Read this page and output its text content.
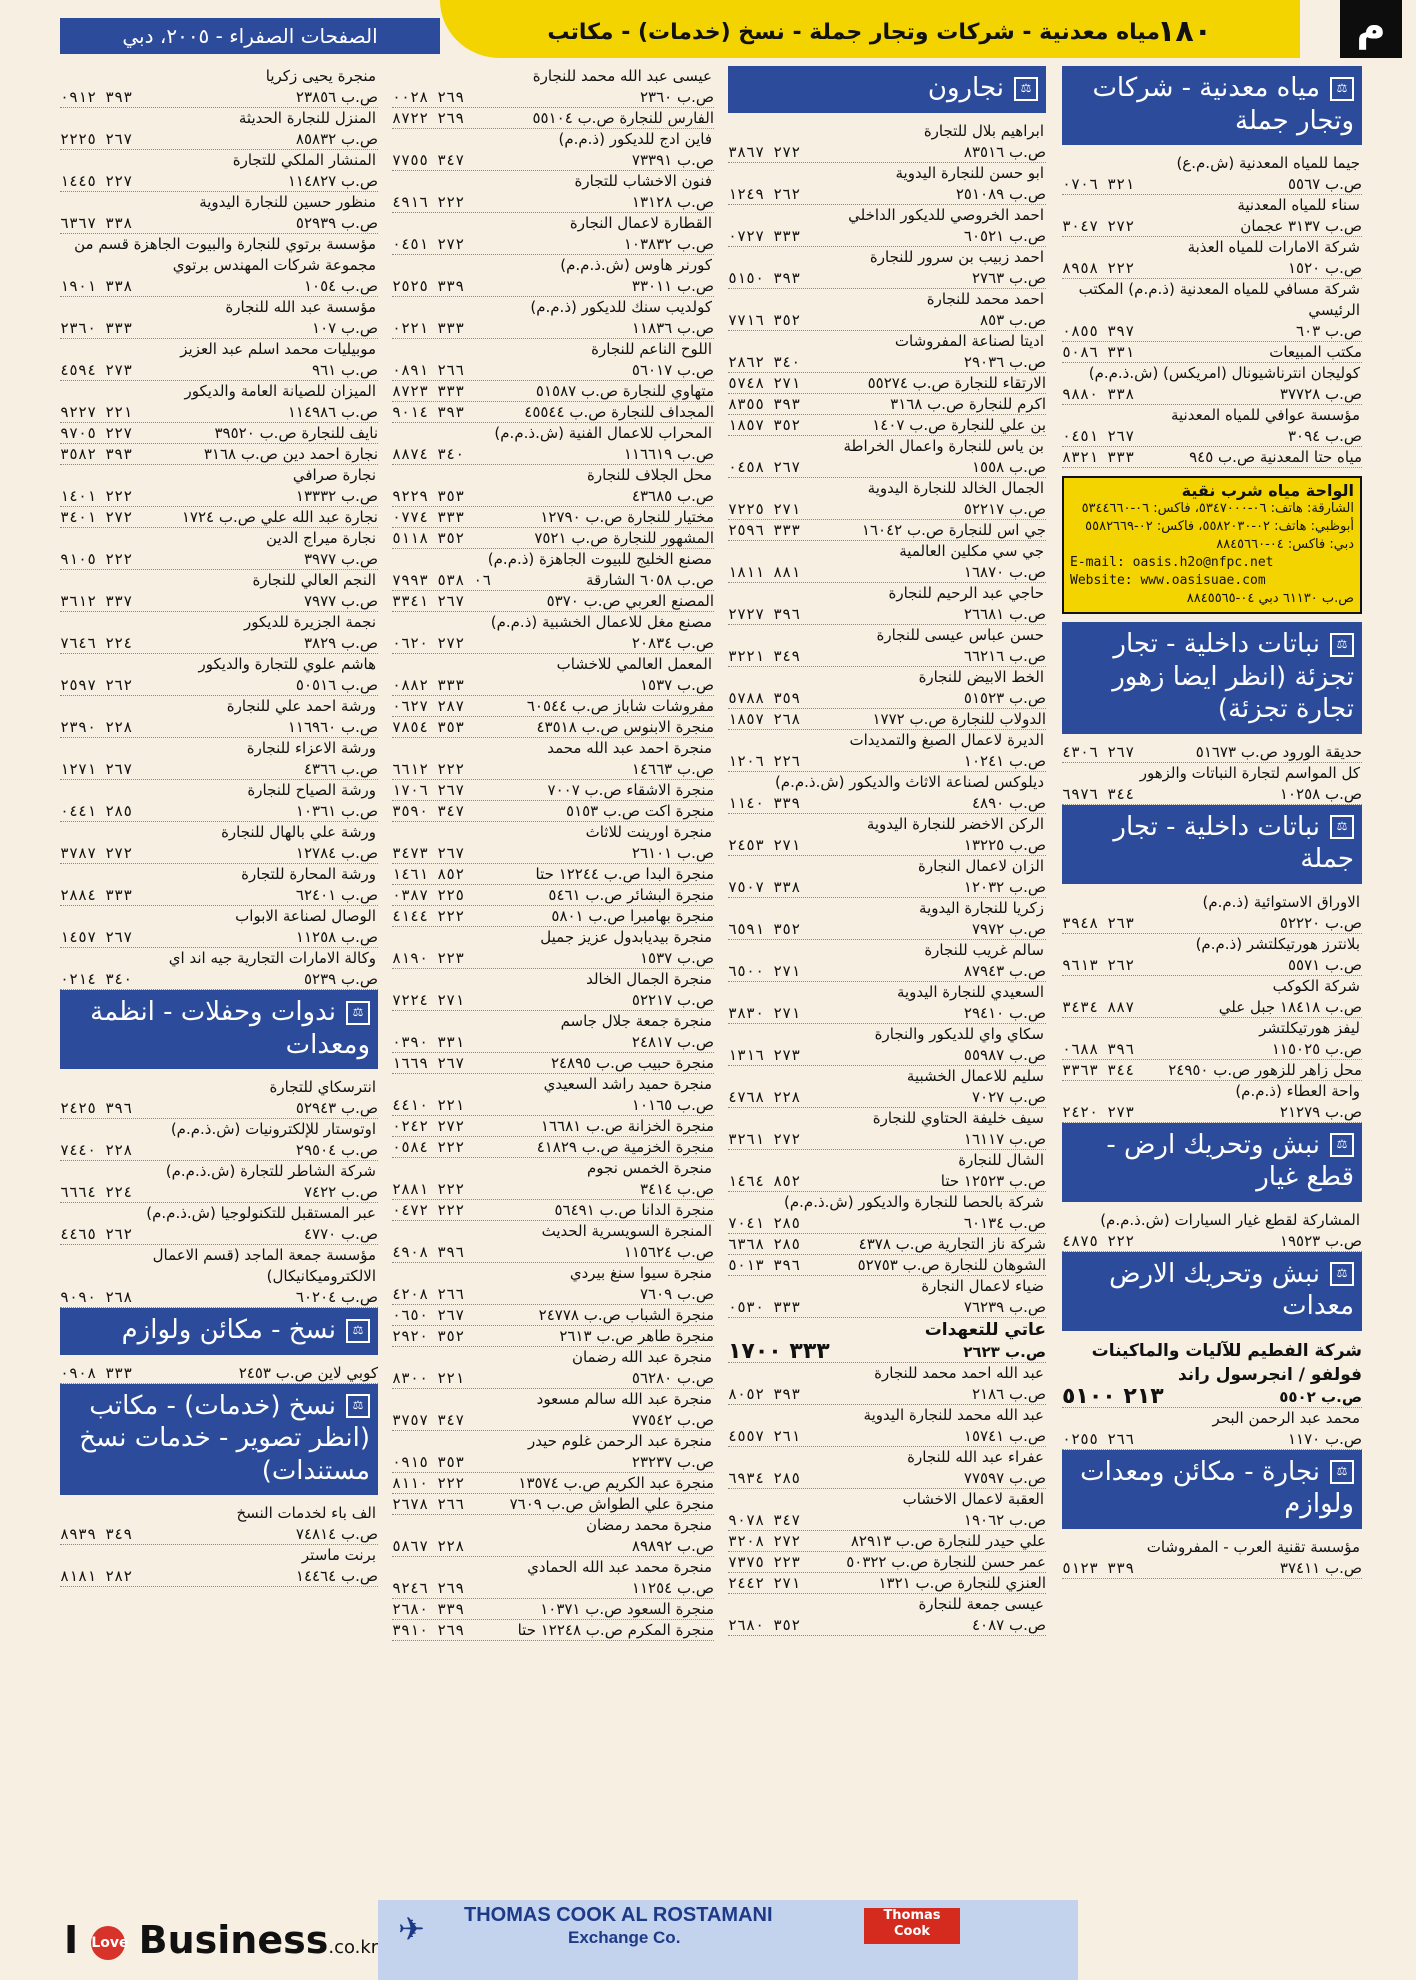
الصفحات الصفراء - ٢٠٠٥، دبي	مياه معدنية - شركات وتجار جملة - نسخ (خدمات) - مكاتب
١٨٠	م
⚖مياه معدنية - شركات وتجار جملة
جيما للمياه المعدنية (ش.م.ع)
ص.ب ٥٥٦٧
٣٢١ ٠٧٠٦
سناء للمياه المعدنية
ص.ب ٣١٣٧ عجمان
٢٧٢ ٣٠٤٧
شركة الامارات للمياه العذبة
ص.ب ١٥٢٠
٢٢٢ ٨٩٥٨
شركة مسافي للمياه المعدنية (ذ.م.م) المكتب الرئيسي
ص.ب ٦٠٣
٣٩٧ ٠٨٥٥
مكتب المبيعات
٣٣١ ٥٠٨٦
كوليجان انترناشيونال (امريكس) (ش.ذ.م.م)
ص.ب ٣٧٧٢٨
٣٣٨ ٩٨٨٠
مؤسسة عوافي للمياه المعدنية
ص.ب ٣٠٩٤
٢٦٧ ٠٤٥١
مياه حتا المعدنية ص.ب ٩٤٥
٣٣٣ ٨٣٢١
الواحة مياه شرب نقية
الشارقة: هاتف: ٠٦-٥٣٤٧٠٠٠، فاكس: ٠٦-٥٣٤٤٦٦٠
أبوظبي: هاتف: ٠٢-٥٥٨٢٠٣٠، فاكس: ٠٢-٥٥٨٢٦٦٩
دبي: فاكس: ٠٤-٨٨٤٥٦٦٠
E-mail: oasis.h2o@nfpc.net
Website: www.oasisuae.com
ص.ب ٦١١٣٠ دبي ٠٤-٨٨٤٥٥٦٥
⚖نباتات داخلية - تجار تجزئة (انظر ايضا زهور تجارة تجزئة)
حديقة الورود ص.ب ٥١٦٧٣
٢٦٧ ٤٣٠٦
كل المواسم لتجارة النباتات والزهور
ص.ب ١٠٢٥٨
٣٤٤ ٦٩٧٦
⚖نباتات داخلية - تجار جملة
الاوراق الاستوائية (ذ.م.م)
ص.ب ٥٢٢٢٠
٢٦٣ ٣٩٤٨
بلانترز هورتيكلتشر (ذ.م.م)
ص.ب ٥٥٧١
٢٦٢ ٩٦١٣
شركة الكوكب
ص.ب ١٨٤١٨ جبل علي
٨٨٧ ٣٤٣٤
ليفز هورتيكلتشر
ص.ب ١١٥٠٢٥
٣٩٦ ٠٦٨٨
محل زاهر للزهور ص.ب ٢٤٩٥٠
٣٤٤ ٣٣٦٣
واحة العطاء (ذ.م.م)
ص.ب ٢١٢٧٩
٢٧٣ ٢٤٢٠
⚖نبش وتحريك ارض - قطع غيار
المشاركة لقطع غيار السيارات (ش.ذ.م.م)
ص.ب ١٩٥٢٣
٢٢٢ ٤٨٧٥
⚖نبش وتحريك الارض معدات
شركة الفطيم للآليات والماكينات
فولفو / انجرسول راند
ص.ب ٥٥٠٢
٢١٣ ٥١٠٠
محمد عبد الرحمن البحر
ص.ب ١١٧٠
٢٦٦ ٠٢٥٥
⚖نجارة - مكائن ومعدات ولوازم
مؤسسة تقنية العرب - المفروشات
ص.ب ٣٧٤١١
٣٣٩ ٥١٢٣
⚖نجارون
ابراهيم بلال للتجارة
ص.ب ٨٣٥١٦
٢٧٢ ٣٨٦٧
ابو حسن للنجارة اليدوية
ص.ب ٢٥١٠٨٩
٢٦٢ ١٢٤٩
احمد الخروصي للديكور الداخلي
ص.ب ٦٠٥٢١
٣٣٣ ٠٧٢٧
احمد زبيب بن سرور للنجارة
ص.ب ٢٧٦٣
٣٩٣ ٥١٥٠
احمد محمد للنجارة
ص.ب ٨٥٣
٣٥٢ ٧٧١٦
اديتا لصناعة المفروشات
ص.ب ٢٩٠٣٦
٣٤٠ ٢٨٦٢
الارتقاء للنجارة ص.ب ٥٥٢٧٤
٢٧١ ٥٧٤٨
اكرم للنجارة ص.ب ٣١٦٨
٣٩٣ ٨٣٥٥
بن علي للنجارة ص.ب ١٤٠٧
٣٥٢ ١٨٥٧
بن ياس للنجارة واعمال الخراطة
ص.ب ١٥٥٨
٢٦٧ ٠٤٥٨
الجمال الخالد للنجارة اليدوية
ص.ب ٥٢٢١٧
٢٧١ ٧٢٢٥
جي اس للنجارة ص.ب ١٦٠٤٢
٣٣٣ ٢٥٩٦
جي سي مكلين العالمية
ص.ب ١٦٨٧٠
٨٨١ ١٨١١
حاجي عبد الرحيم للنجارة
ص.ب ٢٦٦٨١
٣٩٦ ٢٧٢٧
حسن عباس عيسى للنجارة
ص.ب ٦٦٢١٦
٣٤٩ ٣٢٢١
الخط الابيض للنجارة
ص.ب ٥١٥٢٣
٣٥٩ ٥٧٨٨
الدولاب للنجارة ص.ب ١٧٧٢
٢٦٨ ١٨٥٧
الديرة لاعمال الصبغ والتمديدات
ص.ب ١٠٢٤١
٢٢٦ ١٢٠٦
ديلوكس لصناعة الاثاث والديكور (ش.ذ.م.م)
ص.ب ٤٨٩٠
٣٣٩ ١١٤٠
الركن الاخضر للنجارة اليدوية
ص.ب ١٣٢٢٥
٢٧١ ٢٤٥٣
الزان لاعمال النجارة
ص.ب ١٢٠٣٢
٣٣٨ ٧٥٠٧
زكريا للنجارة اليدوية
ص.ب ٧٩٧٢
٣٥٢ ٦٥٩١
سالم غريب للنجارة
ص.ب ٨٧٩٤٣
٢٧١ ٦٥٠٠
السعيدي للنجارة اليدوية
ص.ب ٢٩٤١٠
٢٧١ ٣٨٣٠
سكاي واي للديكور والنجارة
ص.ب ٥٥٩٨٧
٢٧٣ ١٣١٦
سليم للاعمال الخشبية
ص.ب ٧٠٢٧
٢٢٨ ٤٧٦٨
سيف خليفة الحتاوي للنجارة
ص.ب ١٦١١٧
٢٧٢ ٣٢٦١
الشال للنجارة
ص.ب ١٢٥٢٣ حتا
٨٥٢ ١٤٦٤
شركة بالحصا للنجارة والديكور (ش.ذ.م.م)
ص.ب ٦٠١٣٤
٢٨٥ ٧٠٤١
شركة ناز التجارية ص.ب ٤٣٧٨
٢٨٥ ٦٣٦٨
الشوهان للنجارة ص.ب ٥٢٧٥٣
٣٩٦ ٥٠١٣
ضياء لاعمال النجارة
ص.ب ٧٦٢٣٩
٣٣٣ ٠٥٣٠
عاتي للتعهدات
ص.ب ٢٦٢٣
٣٣٣ ١٧٠٠
عبد الله احمد محمد للنجارة
ص.ب ٢١٨٦
٣٩٣ ٨٠٥٢
عبد الله محمد للنجارة اليدوية
ص.ب ١٥٧٤١
٢٦١ ٤٥٥٧
عفراء عبد الله للنجارة
ص.ب ٧٧٥٩٧
٢٨٥ ٦٩٣٤
العقبة لاعمال الاخشاب
ص.ب ١٩٠٦٢
٣٤٧ ٩٠٧٨
علي حيدر للنجارة ص.ب ٨٢٩١٣
٢٧٢ ٣٢٠٨
عمر حسن للنجارة ص.ب ٥٠٣٢٢
٢٢٣ ٧٣٧٥
العنزي للنجارة ص.ب ١٣٢١
٢٧١ ٢٤٤٢
عيسى جمعة للنجارة
ص.ب ٤٠٨٧
٣٥٢ ٢٦٨٠
عيسى عبد الله محمد للنجارة
ص.ب ٢٣٦٠
٢٦٩ ٠٠٢٨
الفارس للنجارة ص.ب ٥٥١٠٤
٢٦٩ ٨٧٢٢
فاين ادج للديكور (ذ.م.م)
ص.ب ٧٣٣٩١
٣٤٧ ٧٧٥٥
فنون الاخشاب للتجارة
ص.ب ١٣١٢٨
٢٢٢ ٤٩١٦
القطارة لاعمال النجارة
ص.ب ١٠٣٨٣٢
٢٧٢ ٠٤٥١
كورنر هاوس (ش.ذ.م.م)
ص.ب ٣٣٠١١
٣٣٩ ٢٥٢٥
كولديب سنك للديكور (ذ.م.م)
ص.ب ١١٨٣٦
٣٣٣ ٠٢٢١
اللوح الناعم للنجارة
ص.ب ٥٦٠١٧
٢٦٦ ٠٨٩١
متهاوي للنجارة ص.ب ٥١٥٨٧
٣٣٣ ٨٧٢٣
المجداف للنجارة ص.ب ٤٥٥٤٤
٣٩٣ ٩٠١٤
المحراب للاعمال الفنية (ش.ذ.م.م)
ص.ب ١١٦٦١٩
٣٤٠ ٨٨٧٤
محل الجلاف للنجارة
ص.ب ٤٣٦٨٥
٣٥٣ ٩٢٢٩
مختيار للنجارة ص.ب ١٢٧٩٠
٣٣٣ ٠٧٧٤
المشهور للنجارة ص.ب ٧٥٢١
٣٥٢ ٥١١٨
مصنع الخليج للبيوت الجاهزة (ذ.م.م)
ص.ب ٦٠٥٨ الشارقة
٠٦ ٥٣٨ ٧٩٩٣
المصنع العربي ص.ب ٥٣٧٠
٢٦٧ ٣٣٤١
مصنع مغل للاعمال الخشبية (ذ.م.م)
ص.ب ٢٠٨٣٤
٢٧٢ ٠٦٢٠
المعمل العالمي للاخشاب
ص.ب ١٥٣٧
٣٣٣ ٠٨٨٢
مفروشات شاباز ص.ب ٦٠٥٤٤
٢٨٧ ٠٦٢٧
منجرة الابنوس ص.ب ٤٣٥١٨
٣٥٣ ٧٨٥٤
منجرة احمد عبد الله محمد
ص.ب ١٤٦٦٣
٢٢٢ ٦٦١٢
منجرة الاشقاء ص.ب ٧٠٠٧
٢٦٧ ١٧٠٦
منجرة اكت ص.ب ٥١٥٣
٣٤٧ ٣٥٩٠
منجرة اورينت للاثاث
ص.ب ٢٦١٠١
٢٦٧ ٣٤٧٣
منجرة البدا ص.ب ١٢٢٤٤ حتا
٨٥٢ ١٤٦١
منجرة البشائر ص.ب ٥٤٦١
٢٢٥ ٠٣٨٧
منجرة بهامبرا ص.ب ٥٨٠١
٢٢٢ ٤١٤٤
منجرة بيديابدول عزيز جميل
ص.ب ١٥٣٧
٢٢٣ ٨١٩٠
منجرة الجمال الخالد
ص.ب ٥٢٢١٧
٢٧١ ٧٢٢٤
منجرة جمعة جلال جاسم
ص.ب ٢٤٨١٧
٣٣١ ٠٣٩٠
منجرة حبيب ص.ب ٢٤٨٩٥
٢٦٧ ١٦٦٩
منجرة حميد راشد السعيدي
ص.ب ١٠١٦٥
٢٢١ ٤٤١٠
منجرة الخزانة ص.ب ١٦٦٨١
٢٧٢ ٠٢٤٢
منجرة الخزمية ص.ب ٤١٨٢٩
٢٢٢ ٠٥٨٤
منجرة الخمس نجوم
ص.ب ٣٤١٤
٢٢٢ ٢٨٨١
منجرة الدانا ص.ب ٥٦٤٩١
٢٢٢ ٠٤٧٢
المنجرة السويسرية الحديث
ص.ب ١١٥٦٢٤
٣٩٦ ٤٩٠٨
منجرة سيوا سنغ بيردي
ص.ب ٧٦٠٩
٢٦٦ ٤٢٠٨
منجرة الشباب ص.ب ٢٤٧٧٨
٢٦٧ ٠٦٥٠
منجرة طاهر ص.ب ٢٦١٣
٣٥٢ ٢٩٢٠
منجرة عبد الله رضمان
ص.ب ٥٦٢٨٠
٢٢١ ٨٣٠٠
منجرة عبد الله سالم مسعود
ص.ب ٧٧٥٤٢
٣٤٧ ٣٧٥٧
منجرة عبد الرحمن غلوم حيدر
ص.ب ٢٣٢٣٧
٣٥٣ ٠٩١٥
منجرة عبد الكريم ص.ب ١٣٥٧٤
٢٢٢ ٨١١٠
منجرة علي الطواش ص.ب ٧٦٠٩
٢٦٦ ٢٦٧٨
منجرة محمد رمضان
ص.ب ٨٩٨٩٢
٢٢٨ ٥٨٦٧
منجرة محمد عبد الله الحمادي
ص.ب ١١٢٥٤
٢٦٩ ٩٢٤٦
منجرة السعود ص.ب ١٠٣٧١
٣٣٩ ٢٦٨٠
منجرة المكرم ص.ب ١٢٢٤٨ حتا
٢٦٩ ٣٩١٠
منجرة يحيى زكريا
ص.ب ٢٣٨٥٦
٣٩٣ ٠٩١٢
المنزل للنجارة الحديثة
ص.ب ٨٥٨٣٢
٢٦٧ ٢٢٢٥
المنشار الملكي للتجارة
ص.ب ١١٤٨٢٧
٢٢٧ ١٤٤٥
منظور حسين للنجارة اليدوية
ص.ب ٥٢٩٣٩
٣٣٨ ٦٣٦٧
مؤسسة برتوي للنجارة والبيوت الجاهزة قسم من مجموعة شركات المهندس برتوي
ص.ب ١٠٥٤
٣٣٨ ١٩٠١
مؤسسة عبد الله للنجارة
ص.ب ١٠٧
٣٣٣ ٢٣٦٠
موبيليات محمد اسلم عبد العزيز
ص.ب ٩٦١
٢٧٣ ٤٥٩٤
الميزان للصيانة العامة والديكور
ص.ب ١١٤٩٨٦
٢٢١ ٩٢٢٧
نايف للنجارة ص.ب ٣٩٥٢٠
٢٢٧ ٩٧٠٥
نجارة احمد دين ص.ب ٣١٦٨
٣٩٣ ٣٥٨٢
نجارة صرافي
ص.ب ١٣٣٣٢
٢٢٢ ١٤٠١
نجارة عبد الله علي ص.ب ١٧٢٤
٢٧٢ ٣٤٠١
نجارة ميراج الدين
ص.ب ٣٩٧٧
٢٢٢ ٩١٠٥
النجم العالي للنجارة
ص.ب ٧٩٧٧
٣٣٧ ٣٦١٢
نجمة الجزيرة للديكور
ص.ب ٣٨٢٩
٢٢٤ ٧٦٤٦
هاشم علوي للتجارة والديكور
ص.ب ٥٠٥١٦
٢٦٢ ٢٥٩٧
ورشة احمد علي للنجارة
ص.ب ١١٦٩٦٠
٢٢٨ ٢٣٩٠
ورشة الاعزاء للنجارة
ص.ب ٤٣٦٦
٢٦٧ ١٢٧١
ورشة الصياح للنجارة
ص.ب ١٠٣٦١
٢٨٥ ٠٤٤١
ورشة علي بالهال للنجارة
ص.ب ١٢٧٨٤
٢٧٢ ٣٧٨٧
ورشة المحارة للتجارة
ص.ب ٦٢٤٠١
٣٣٣ ٢٨٨٤
الوصال لصناعة الابواب
ص.ب ١١٢٥٨
٢٦٧ ١٤٥٧
وكالة الامارات التجارية جيه اند اي
ص.ب ٥٢٣٩
٣٤٠ ٠٢١٤
⚖ندوات وحفلات - انظمة ومعدات
انترسكاي للتجارة
ص.ب ٥٢٩٤٣
٣٩٦ ٢٤٢٥
اوتوستار للإلكترونيات (ش.ذ.م.م)
ص.ب ٢٩٥٠٤
٢٢٨ ٧٤٤٠
شركة الشاطر للتجارة (ش.ذ.م.م)
ص.ب ٧٤٢٢
٢٢٤ ٦٦٦٤
عبر المستقبل للتكنولوجيا (ش.ذ.م.م)
ص.ب ٤٧٧٠
٢٦٢ ٤٤٦٥
مؤسسة جمعة الماجد (قسم الاعمال الالكتروميكانيكال)
ص.ب ٦٠٢٠٤
٢٦٨ ٩٠٩٠
⚖نسخ - مكائن ولوازم
كوبي لاين ص.ب ٢٤٥٣
٣٣٣ ٠٩٠٨
⚖نسخ (خدمات) - مكاتب (انظر تصوير - خدمات نسخ مستندات)
الف باء لخدمات النسخ
ص.ب ٧٤٨١٤
٣٤٩ ٨٩٣٩
برنت ماستر
ص.ب ١٤٤٦٤
٢٨٢ ٨١٨١
I Love Business.co.kr ✈ THOMAS COOK AL ROSTAMANI
Exchange Co.
Thomas Cook
